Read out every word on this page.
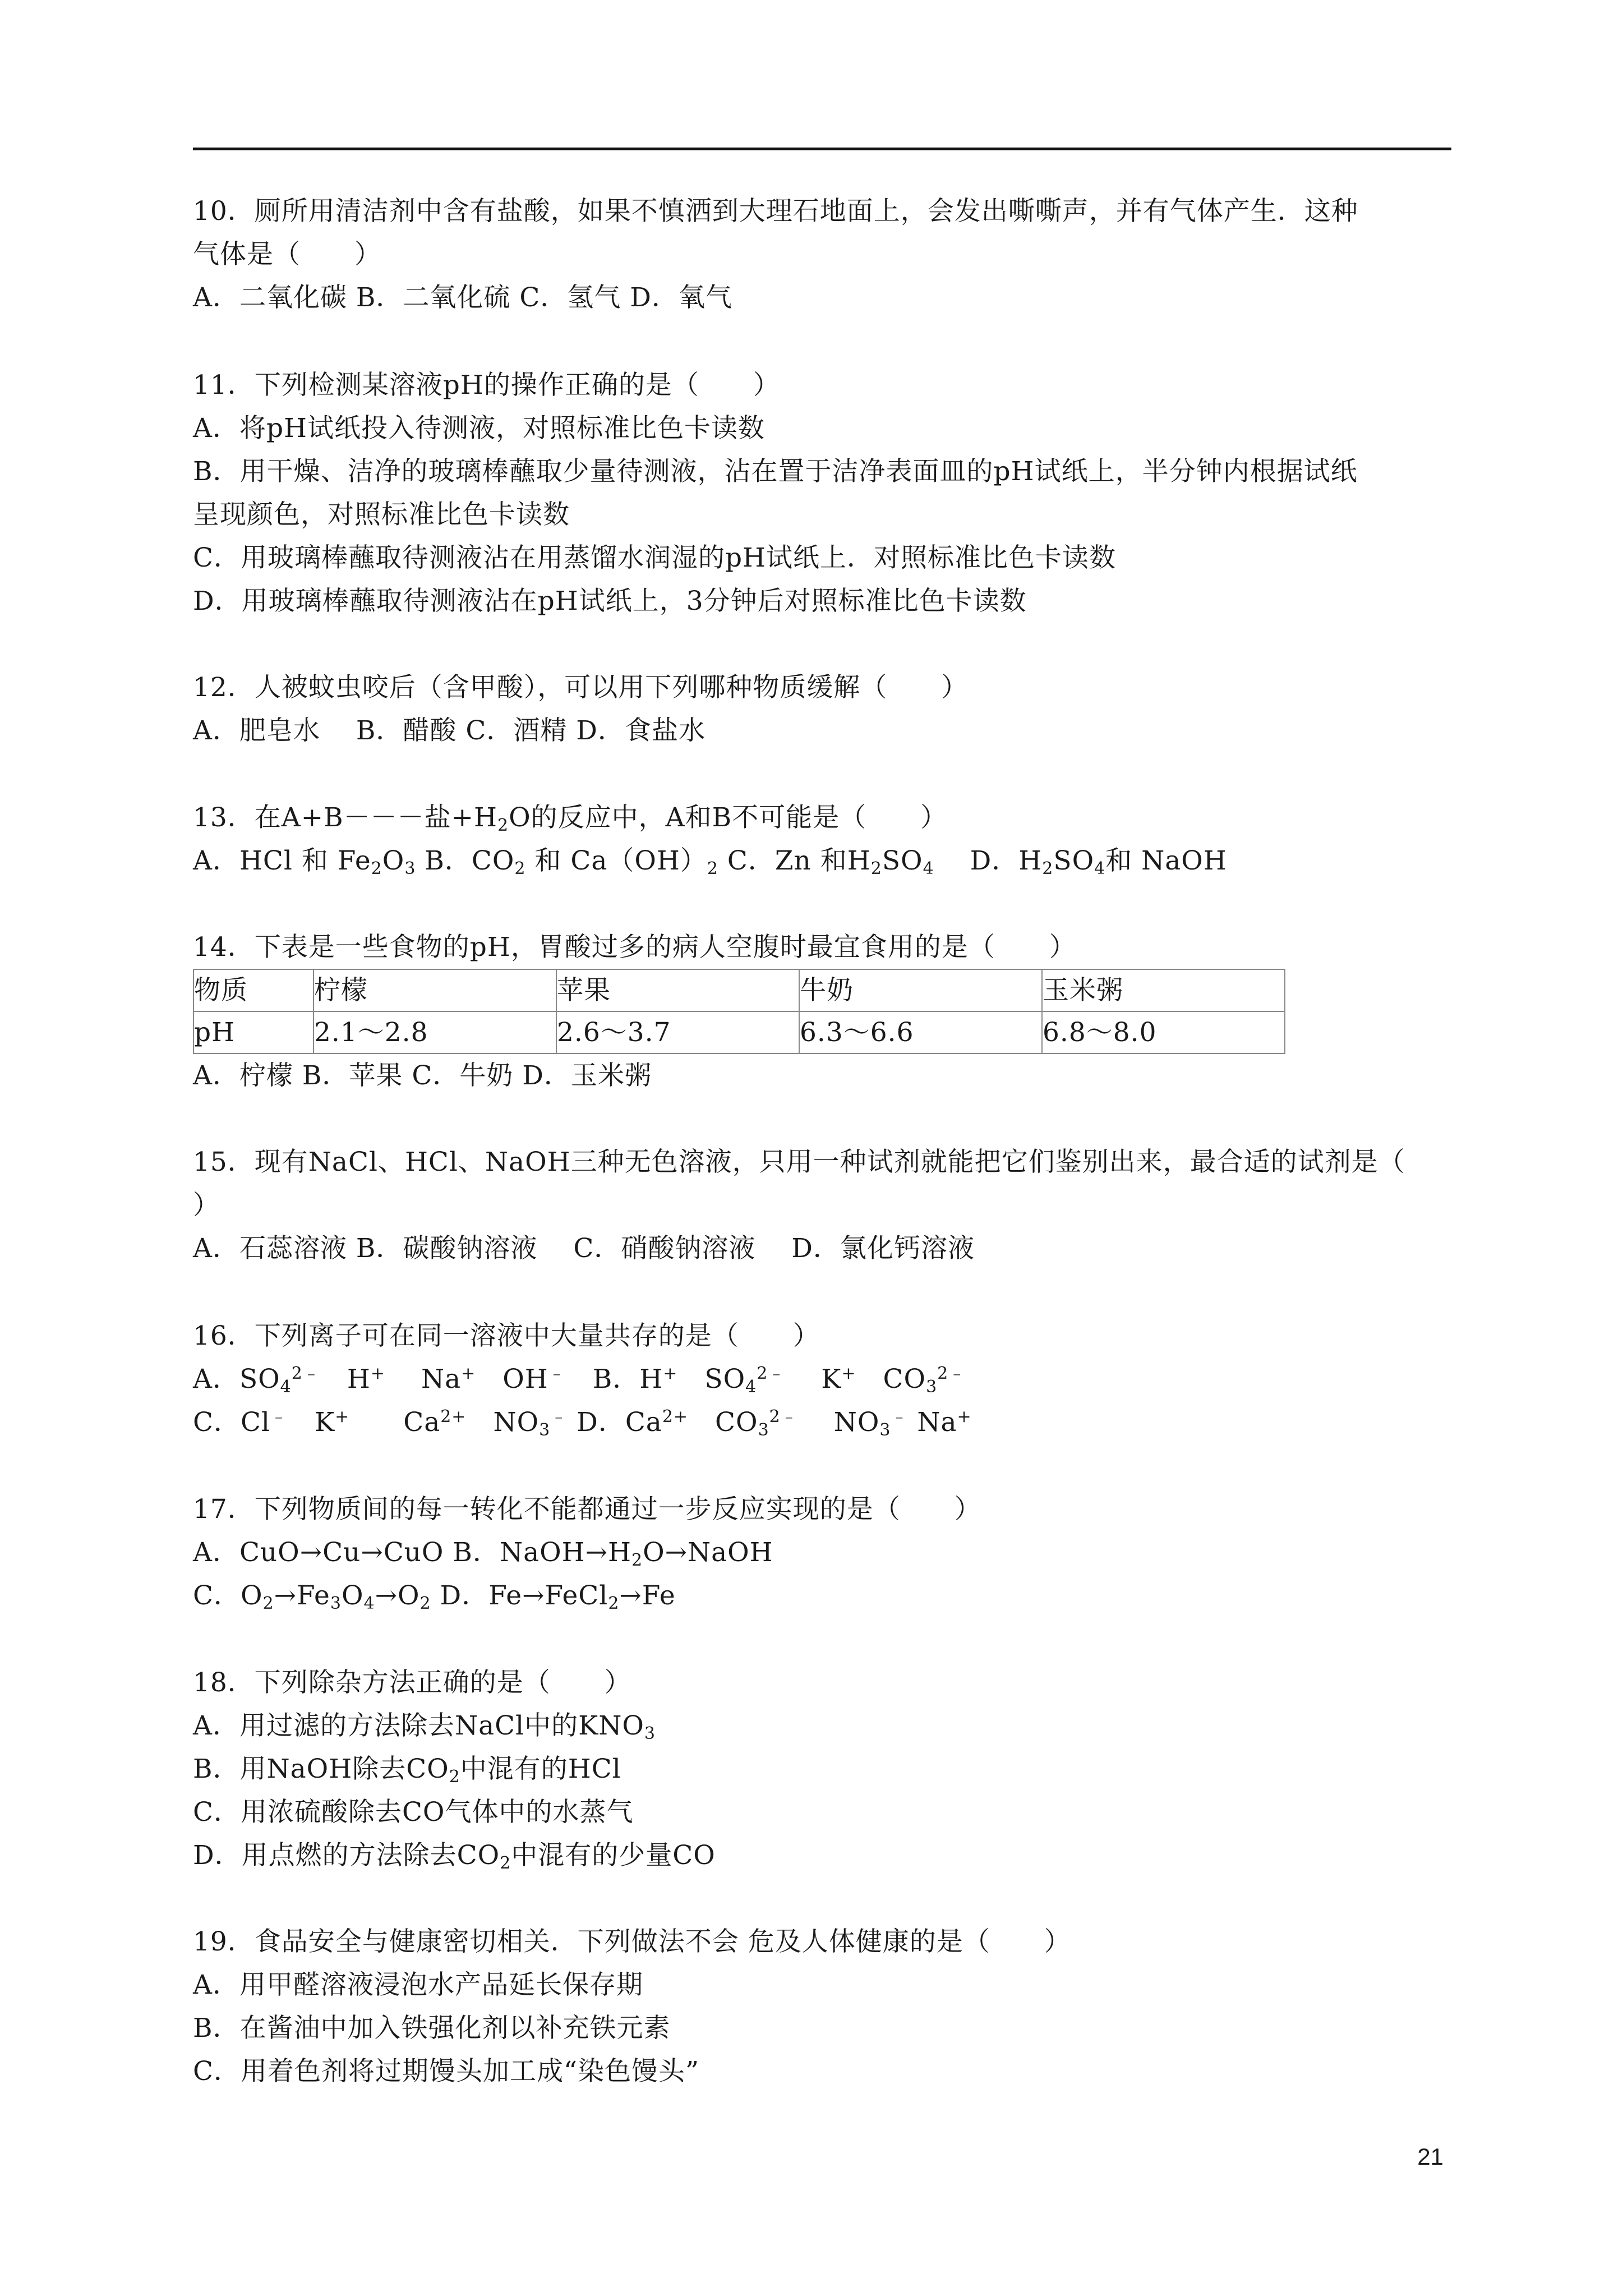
10．厕所用清洁剂中含有盐酸，如果不慎洒到大理石地面上，会发出嘶嘶声，并有气体产生．这种
气体是（　　）
A．二氧化碳 B．二氧化硫 C．氢气 D．氧气
11．下列检测某溶液pH的操作正确的是（　　）
A．将pH试纸投入待测液，对照标准比色卡读数
B．用干燥、洁净的玻璃棒蘸取少量待测液，沾在置于洁净表面皿的pH试纸上，半分钟内根据试纸
呈现颜色，对照标准比色卡读数
C．用玻璃棒蘸取待测液沾在用蒸馏水润湿的pH试纸上．对照标准比色卡读数
D．用玻璃棒蘸取待测液沾在pH试纸上，3分钟后对照标准比色卡读数
12．人被蚊虫咬后（含甲酸），可以用下列哪种物质缓解（　　）
A．肥皂水　 B．醋酸 C．酒精 D．食盐水
13．在A+B－－－盐$+H_2O$的反应中，A和B不可能是（　　）
A．HCl 和 $Fe_2O_3$ B．$CO_2$ 和 $Ca(OH)_2$ C．Zn 和$H_2SO_4$　 D．$H_2SO_4$和 NaOH
14．下表是一些食物的pH，胃酸过多的病人空腹时最宜食用的是（　　）
物质	柠檬	苹果	牛奶	玉米粥
pH	2.1～2.8	2.6～3.7	6.3～6.6	6.8～8.0
A．柠檬 B．苹果 C．牛奶 D．玉米粥
15．现有NaCl、HCl、NaOH三种无色溶液，只用一种试剂就能把它们鉴别出来，最合适的试剂是（
）
A．石蕊溶液 B．碳酸钠溶液　 C．硝酸钠溶液　 D．氯化钙溶液
16．下列离子可在同一溶液中大量共存的是（　　）
A．$SO_4^{2﹣}$　H+　 Na+　OH﹣　B．H+　$SO_4^{2﹣}$　 K+　$CO_3^{2﹣}$
C．Cl﹣　K+　　$Ca^{2+}$　$NO_3^﹣$ D．$Ca^{2+}$　$CO_3^{2﹣}$　 $NO_3^﹣$ Na+
17．下列物质间的每一转化不能都通过一步反应实现的是（　　）
A．CuO→Cu→CuO B．$NaOH\to H_2O\to NaOH$
C．$O_2\to Fe_3O_4\to O_2$ D．Fe→FeCl$_2$→Fe
18．下列除杂方法正确的是（　　）
A．用过滤的方法除去NaCl中的$KNO_3$
B．用NaOH除去$CO_2$中混有的HCl
C．用浓硫酸除去CO气体中的水蒸气
D．用点燃的方法除去$CO_2$中混有的少量CO
19．食品安全与健康密切相关．下列做法不会 危及人体健康的是（　　）
A．用甲醛溶液浸泡水产品延长保存期
B．在酱油中加入铁强化剂以补充铁元素
C．用着色剂将过期馒头加工成“染色馒头”
21
